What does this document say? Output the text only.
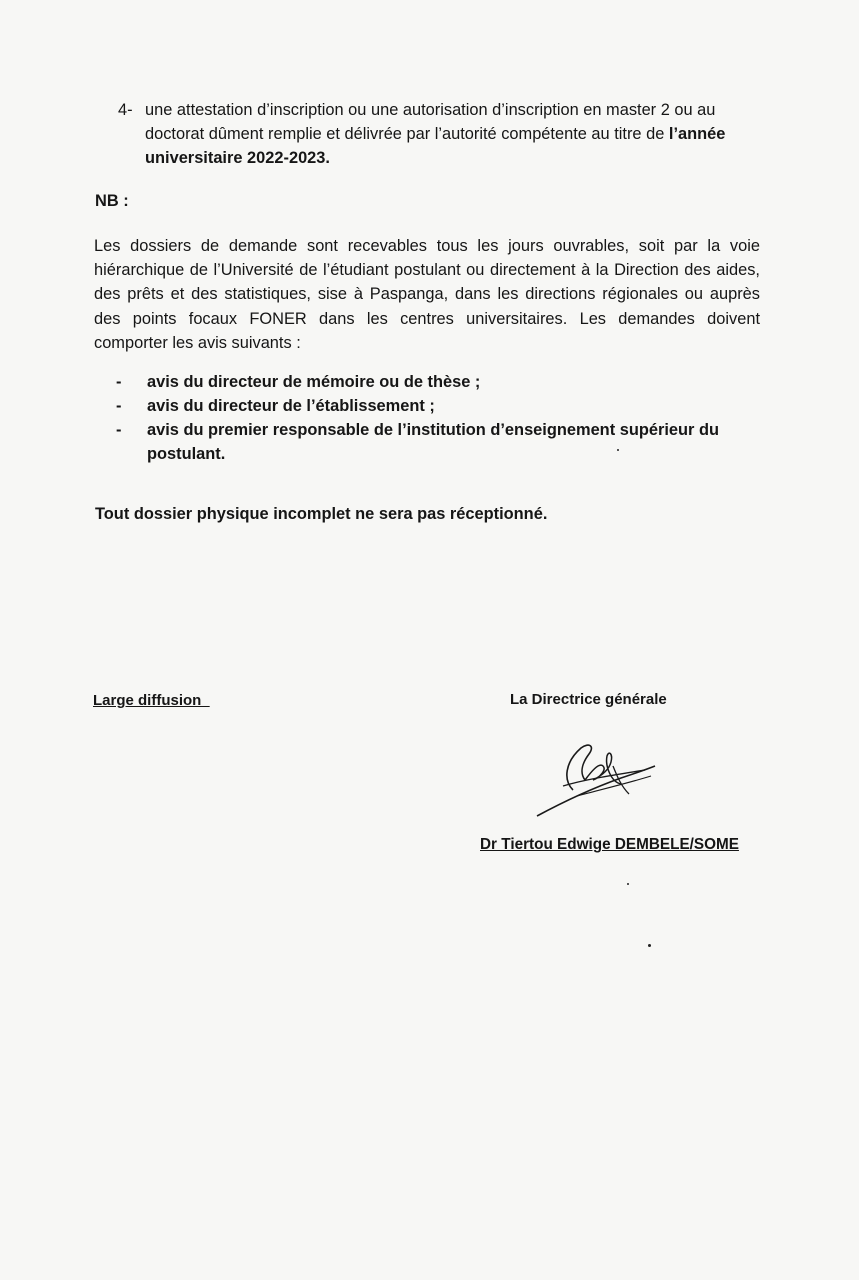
4- une attestation d’inscription ou une autorisation d’inscription en master 2 ou au doctorat dûment remplie et délivrée par l’autorité compétente au titre de l’année universitaire 2022-2023.
NB :
Les dossiers de demande sont recevables tous les jours ouvrables, soit par la voie hiérarchique de l’Université de l’étudiant postulant ou directement à la Direction des aides, des prêts et des statistiques, sise à Paspanga, dans les directions régionales ou auprès des points focaux FONER dans les centres universitaires. Les demandes doivent comporter les avis suivants :
- avis du directeur de mémoire ou de thèse ;
- avis du directeur de l’établissement ;
- avis du premier responsable de l’institution d’enseignement supérieur du postulant.
Tout dossier physique incomplet ne sera pas réceptionné.
Large diffusion	La Directrice générale
Dr Tiertou Edwige DEMBELE/SOME
